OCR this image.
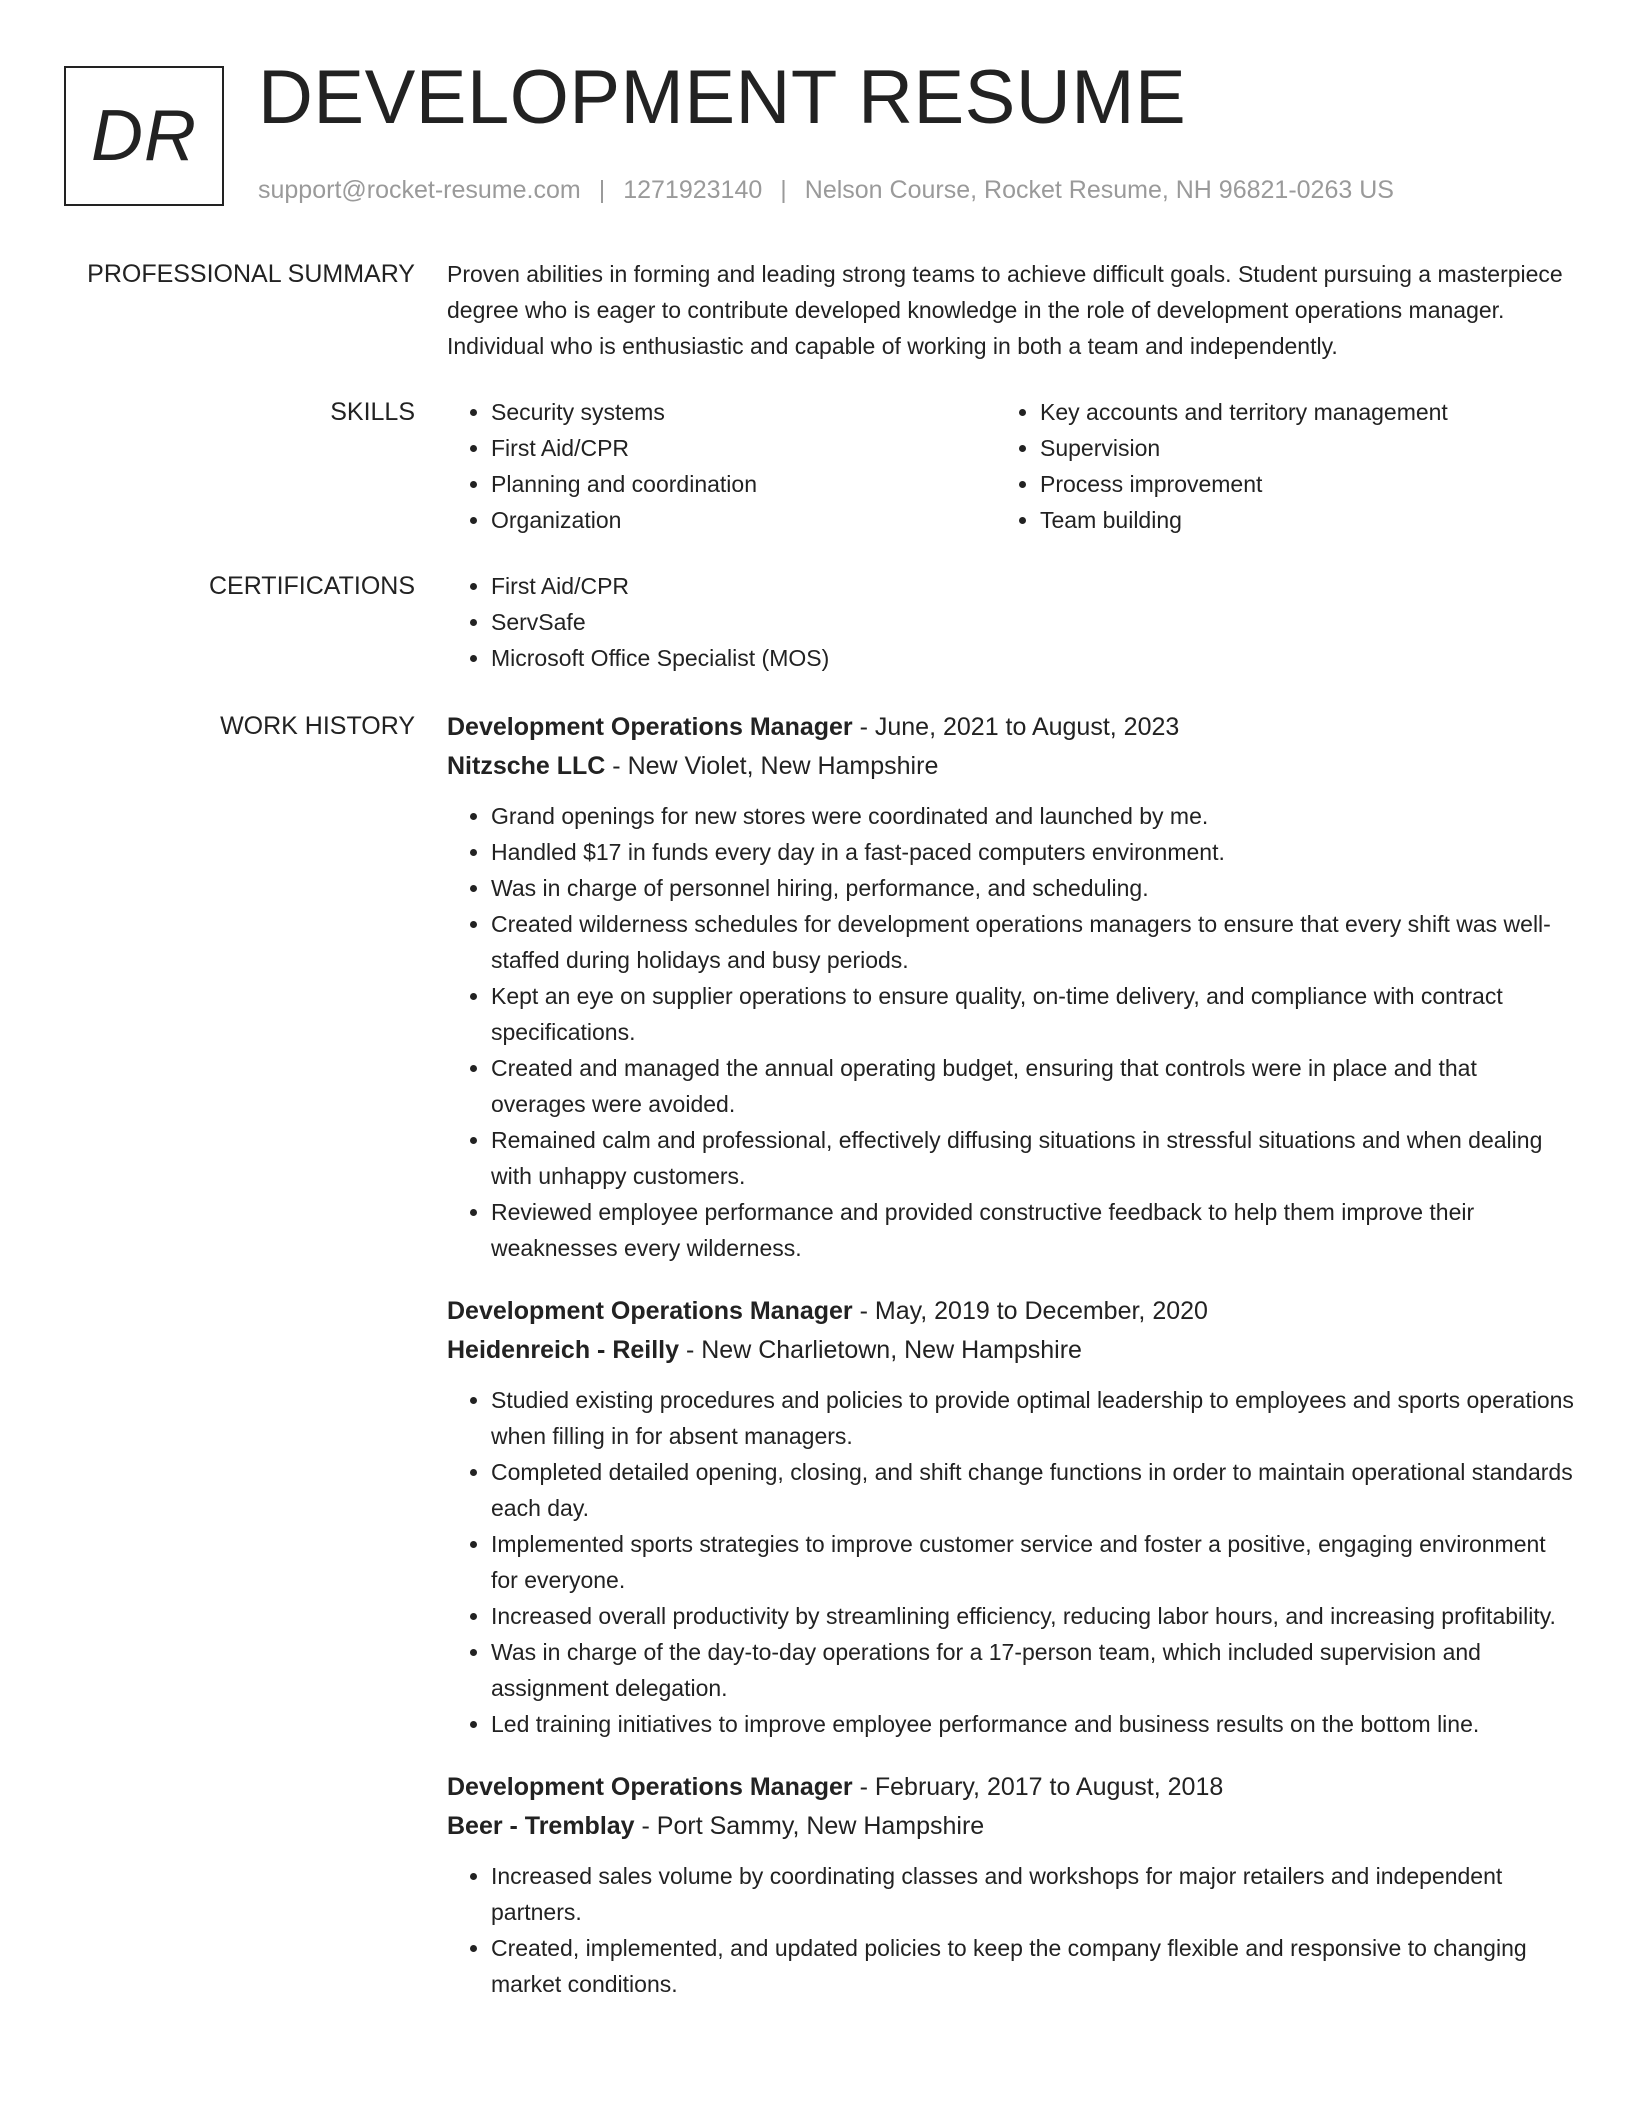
DR DEVELOPMENT RESUME
support@rocket-resume.com | 1271923140 | Nelson Course, Rocket Resume, NH 96821-0263 US
PROFESSIONAL SUMMARY Proven abilities in forming and leading strong teams to achieve difficult goals. Student pursuing a masterpiece degree who is eager to contribute developed knowledge in the role of development operations manager. Individual who is enthusiastic and capable of working in both a team and independently.

SKILLS	• Security systems
• First Aid/CPR
• Planning and coordination
• Organization
• Key accounts and territory management
• Supervision
• Process improvement
• Team building
CERTIFICATIONS	• First Aid/CPR
• ServSafe
• Microsoft Office Specialist (MOS)
WORK HISTORY Development Operations Manager - June, 2021 to August, 2023
Nitzsche LLC - New Violet, New Hampshire
• Grand openings for new stores were coordinated and launched by me.
• Handled $17 in funds every day in a fast-paced computers environment.
• Was in charge of personnel hiring, performance, and scheduling.
• Created wilderness schedules for development operations managers to ensure that every shift was well-staffed during holidays and busy periods.
• Kept an eye on supplier operations to ensure quality, on-time delivery, and compliance with contract specifications.
• Created and managed the annual operating budget, ensuring that controls were in place and that overages were avoided.
• Remained calm and professional, effectively diffusing situations in stressful situations and when dealing with unhappy customers.
• Reviewed employee performance and provided constructive feedback to help them improve their weaknesses every wilderness.
Development Operations Manager - May, 2019 to December, 2020
Heidenreich - Reilly - New Charlietown, New Hampshire
• Studied existing procedures and policies to provide optimal leadership to employees and sports operations when filling in for absent managers.
• Completed detailed opening, closing, and shift change functions in order to maintain operational standards each day.
• Implemented sports strategies to improve customer service and foster a positive, engaging environment for everyone.
• Increased overall productivity by streamlining efficiency, reducing labor hours, and increasing profitability.
• Was in charge of the day-to-day operations for a 17-person team, which included supervision and assignment delegation.
• Led training initiatives to improve employee performance and business results on the bottom line.
Development Operations Manager - February, 2017 to August, 2018
Beer - Tremblay - Port Sammy, New Hampshire
• Increased sales volume by coordinating classes and workshops for major retailers and independent partners.
• Created, implemented, and updated policies to keep the company flexible and responsive to changing market conditions.
